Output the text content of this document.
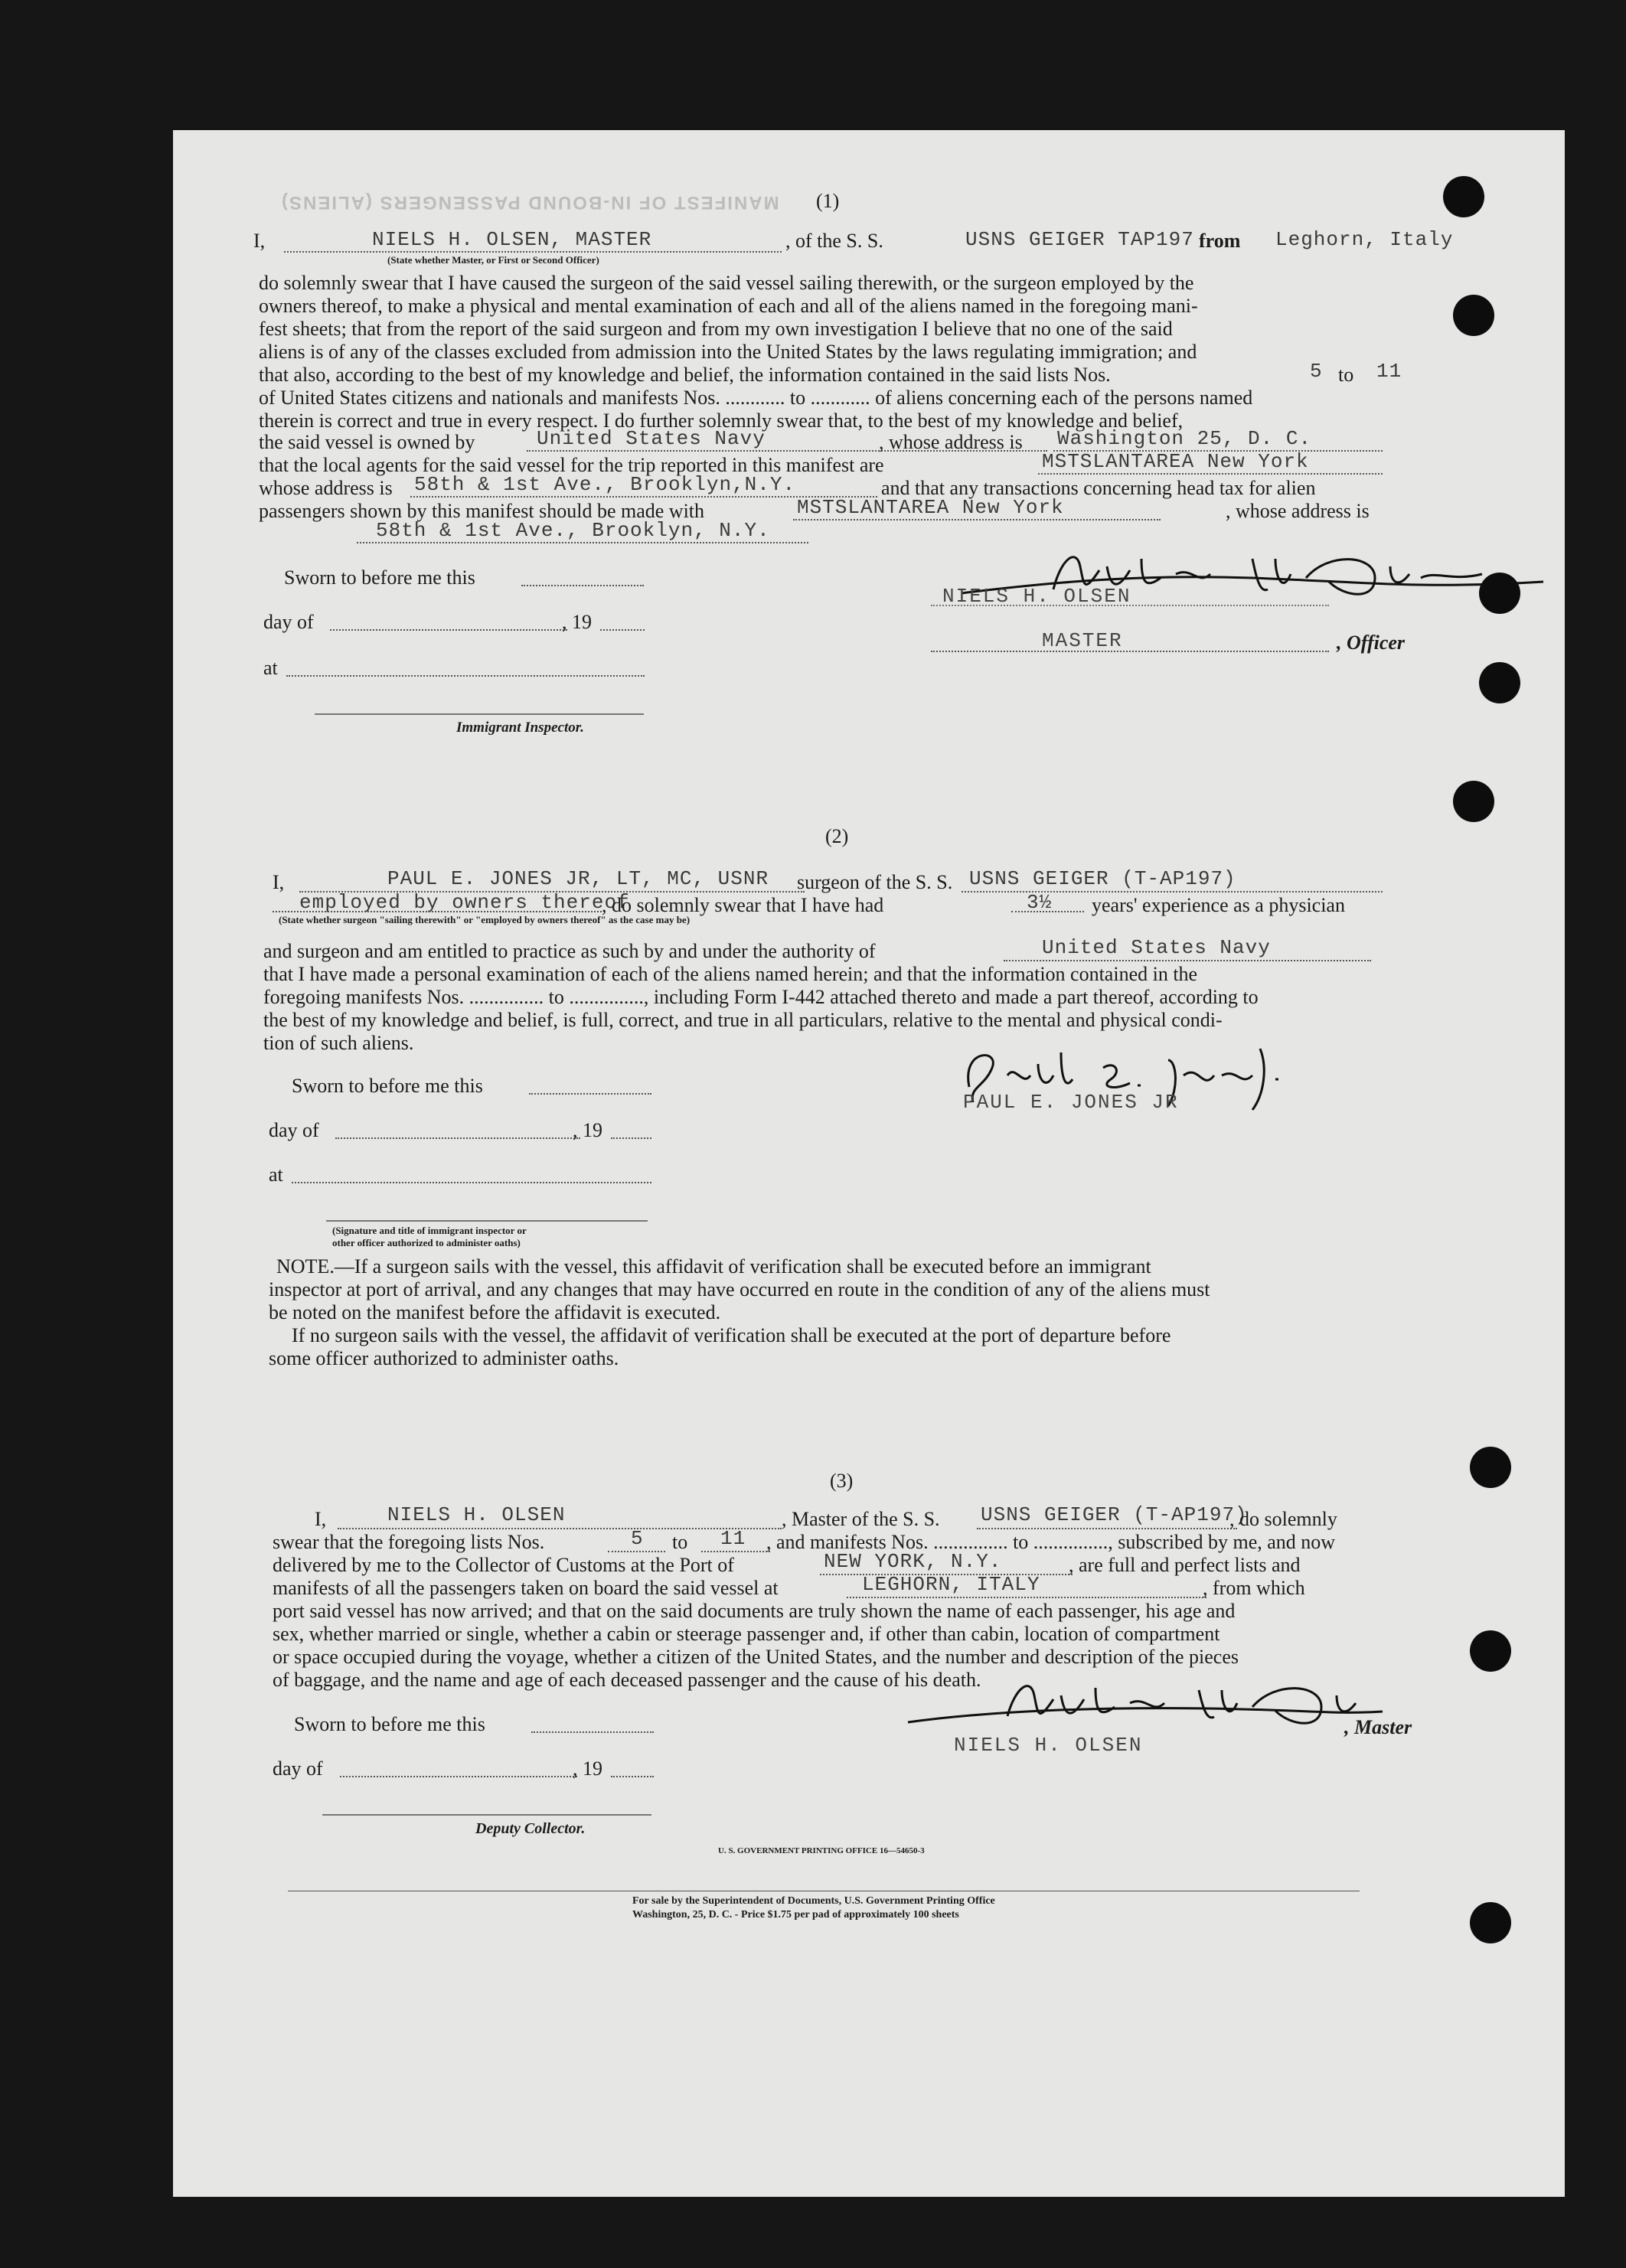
MANIFEST OF IN-BOUND PASSENGERS (ALIENS) (1)
I,	NIELS H. OLSEN, MASTER	, of the S. S.	USNS GEIGER TAP197 from Leghorn, Italy
(State whether Master, or First or Second Officer)
do solemnly swear that I have caused the surgeon of the said vessel sailing therewith, or the surgeon employed by the
owners thereof, to make a physical and mental examination of each and all of the aliens named in the foregoing mani-
fest sheets; that from the report of the said surgeon and from my own investigation I believe that no one of the said
aliens is of any of the classes excluded from admission into the United States by the laws regulating immigration; and
that also, according to the best of my knowledge and belief, the information contained in the said lists Nos.	5 to 11
of United States citizens and nationals and manifests Nos. ............ to ............ of aliens concerning each of the persons named
therein is correct and true in every respect. I do further solemnly swear that, to the best of my knowledge and belief,
the said vessel is owned by	United States Navy	, whose address is Washington 25, D. C.
that the local agents for the said vessel for the trip reported in this manifest are	MSTSLANTAREA New York
whose address is 58th & 1st Ave., Brooklyn,N.Y.	and that any transactions concerning head tax for alien
passengers shown by this manifest should be made with	MSTSLANTAREA New York	, whose address is
58th & 1st Ave., Brooklyn, N.Y.
Sworn to before me this
day of	, 19
at
Immigrant Inspector.
NIELS H. OLSEN
MASTER	, Officer
(2)
I,	PAUL E. JONES JR, LT, MC, USNR surgeon of the S. S. USNS GEIGER (T-AP197)
employed by owners thereof
, do solemnly swear that I have had	3½ years' experience as a physician
(State whether surgeon "sailing therewith" or "employed by owners thereof" as the case may be)
and surgeon and am entitled to practice as such by and under the authority of	United States Navy
that I have made a personal examination of each of the aliens named herein; and that the information contained in the
foregoing manifests Nos. ............... to ..............., including Form I-442 attached thereto and made a part thereof, according to
the best of my knowledge and belief, is full, correct, and true in all particulars, relative to the mental and physical condi-
tion of such aliens.
Sworn to before me this
day of	, 19
at
(Signature and title of immigrant inspector or
other officer authorized to administer oaths)
PAUL E. JONES JR
NOTE.—If a surgeon sails with the vessel, this affidavit of verification shall be executed before an immigrant
inspector at port of arrival, and any changes that may have occurred en route in the condition of any of the aliens must
be noted on the manifest before the affidavit is executed.
If no surgeon sails with the vessel, the affidavit of verification shall be executed at the port of departure before
some officer authorized to administer oaths.
(3)
I,	NIELS H. OLSEN	, Master of the S. S. USNS GEIGER (T-AP197)
, do solemnly
swear that the foregoing lists Nos.	5 to 11 , and manifests Nos. ............... to ..............., subscribed by me, and now
delivered by me to the Collector of Customs at the Port of	NEW YORK, N.Y.	, are full and perfect lists and
manifests of all the passengers taken on board the said vessel at	LEGHORN, ITALY	, from which
port said vessel has now arrived; and that on the said documents are truly shown the name of each passenger, his age and
sex, whether married or single, whether a cabin or steerage passenger and, if other than cabin, location of compartment
or space occupied during the voyage, whether a citizen of the United States, and the number and description of the pieces
of baggage, and the name and age of each deceased passenger and the cause of his death.
Sworn to before me this
day of	, 19
Deputy Collector.
, Master
NIELS H. OLSEN
U. S. GOVERNMENT PRINTING OFFICE 16—54650-3
For sale by the Superintendent of Documents, U.S. Government Printing Office
Washington, 25, D. C. - Price $1.75 per pad of approximately 100 sheets
